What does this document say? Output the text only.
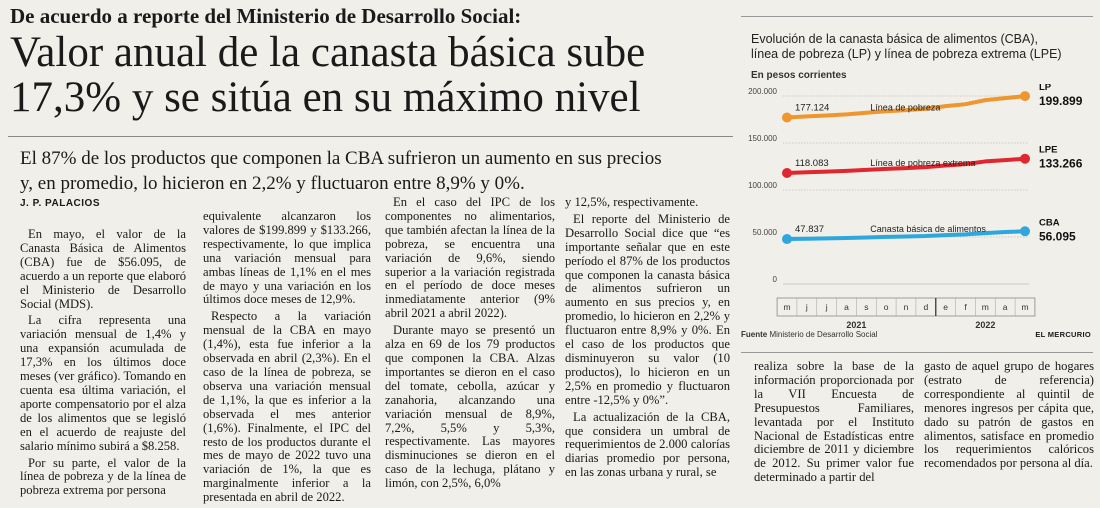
De acuerdo a reporte del Ministerio de Desarrollo Social:
Valor anual de la canasta básica sube
17,3% y se sitúa en su máximo nivel
El 87% de los productos que componen la CBA sufrieron un aumento en sus precios
y, en promedio, lo hicieron en 2,2% y fluctuaron entre 8,9% y 0%.
J. P. PALACIOS

En mayo, el valor de la Canasta Básica de Alimentos (CBA) fue de $56.095, de acuerdo a un reporte que elaboró el Ministerio de Desarrollo Social (MDS).

La cifra representa una variación mensual de 1,4% y una expansión acumulada de 17,3% en los últimos doce meses (ver gráfico). Tomando en cuenta esa última variación, el aporte compensatorio por el alza de los alimentos que se legisló en el acuerdo de reajuste del salario mínimo subirá a $8.258.

Por su parte, el valor de la línea de pobreza y de la línea de pobreza extrema por persona

equivalente alcanzaron los valores de $199.899 y $133.266, respectivamente, lo que implica una variación mensual para ambas líneas de 1,1% en el mes de mayo y una variación en los últimos doce meses de 12,9%.

Respecto a la variación mensual de la CBA en mayo (1,4%), esta fue inferior a la observada en abril (2,3%). En el caso de la línea de pobreza, se observa una variación mensual de 1,1%, la que es inferior a la observada el mes anterior (1,6%). Finalmente, el IPC del resto de los productos durante el mes de mayo de 2022 tuvo una variación de 1%, la que es marginalmente inferior a la presentada en abril de 2022.

En el caso del IPC de los componentes no alimentarios, que también afectan la línea de la pobreza, se encuentra una variación de 9,6%, siendo superior a la variación registrada en el período de doce meses inmediatamente anterior (9% abril 2021 a abril 2022).

Durante mayo se presentó un alza en 69 de los 79 productos que componen la CBA. Alzas importantes se dieron en el caso del tomate, cebolla, azúcar y zanahoria, alcanzando una variación mensual de 8,9%, 7,2%, 5,5% y 5,3%, respectivamente. Las mayores disminuciones se dieron en el caso de la lechuga, plátano y limón, con 2,5%, 6,0%

y 12,5%, respectivamente.

El reporte del Ministerio de Desarrollo Social dice que “es importante señalar que en este período el 87% de los productos que componen la canasta básica de alimentos sufrieron un aumento en sus precios y, en promedio, lo hicieron en 2,2% y fluctuaron entre 8,9% y 0%. En el caso de los productos que disminuyeron su valor (10 productos), lo hicieron en un 2,5% en promedio y fluctuaron entre -12,5% y 0%”.

La actualización de la CBA, que considera un umbral de requerimientos de 2.000 calorías diarias promedio por persona, en las zonas urbana y rural, se

realiza sobre la base de la información proporcionada por la VII Encuesta de Presupuestos Familiares, levantada por el Instituto Nacional de Estadísticas entre diciembre de 2011 y diciembre de 2012. Su primer valor fue determinado a partir del

gasto de aquel grupo de hogares (estrato de referencia) correspondiente al quintil de menores ingresos per cápita que, dado su patrón de gastos en alimentos, satisface en promedio los requerimientos calóricos recomendados por persona al día.

Evolución de la canasta básica de alimentos (CBA),
línea de pobreza (LP) y línea de pobreza extrema (LPE)
En pesos corrientes
0
50.000
100.000
150.000
200.000
m j j a s o n d e f m a m
2021	2022
177.124	Línea de pobreza
LP
199.899
118.083	Línea de pobreza extrema
LPE
133.266
47.837	Canasta básica de alimentos
CBA
56.095
Fuente Ministerio de Desarrollo Social	EL MERCURIO
